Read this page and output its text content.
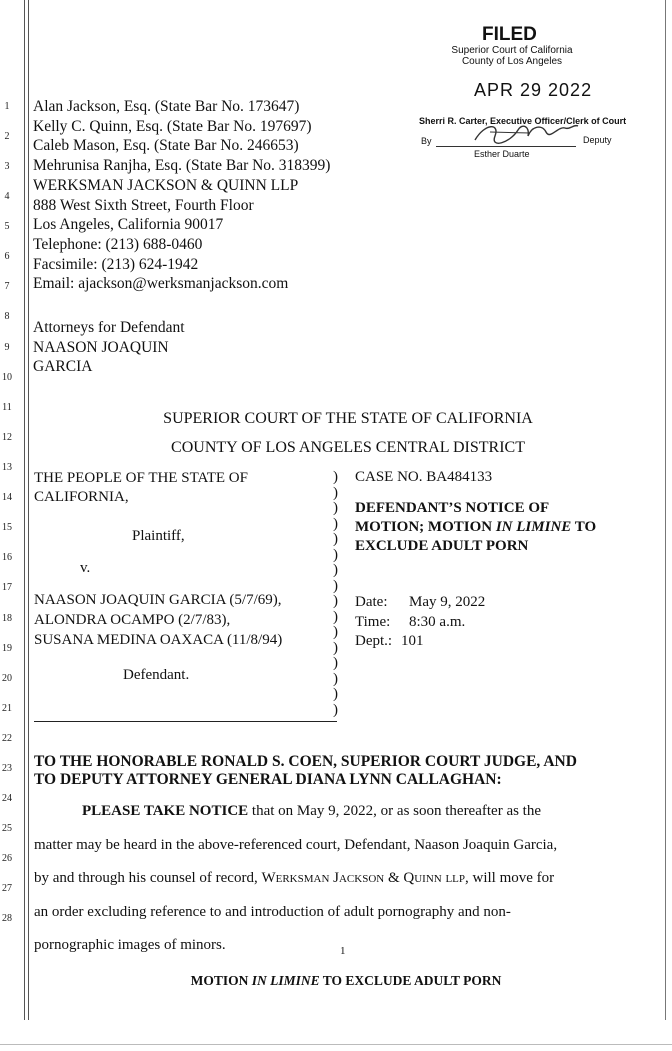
1
2
3
4
5
6
7
8
9
10
11
12
13
14
15
16
17
18
19
20
21
22
23
24
25
26
27
28
FILED
Superior Court of California
County of Los Angeles
APR 29 2022
Sherri R. Carter, Executive Officer/Clerk of Court
By	Deputy
Esther Duarte
Alan Jackson, Esq. (State Bar No. 173647)
Kelly C. Quinn, Esq. (State Bar No. 197697)
Caleb Mason, Esq. (State Bar No. 246653)
Mehrunisa Ranjha, Esq. (State Bar No. 318399)
WERKSMAN JACKSON & QUINN LLP
888 West Sixth Street, Fourth Floor
Los Angeles, California 90017
Telephone: (213) 688-0460
Facsimile: (213) 624-1942
Email: ajackson@werksmanjackson.com
Attorneys for Defendant
NAASON JOAQUIN
GARCIA
SUPERIOR COURT OF THE STATE OF CALIFORNIA
COUNTY OF LOS ANGELES CENTRAL DISTRICT
THE PEOPLE OF THE STATE OF
CALIFORNIA,
Plaintiff,
v.
NAASON JOAQUIN GARCIA (5/7/69),
ALONDRA OCAMPO (2/7/83),
SUSANA MEDINA OAXACA (11/8/94)
Defendant.
)
)
)
)
)
)
)
)
)
)
)
)
)
)
)
)
CASE NO. BA484133
DEFENDANT’S NOTICE OF
MOTION; MOTION IN LIMINE TO
EXCLUDE ADULT PORN
Date: May 9, 2022
Time: 8:30 a.m.
Dept.: 101
TO THE HONORABLE RONALD S. COEN, SUPERIOR COURT JUDGE, AND
TO DEPUTY ATTORNEY GENERAL DIANA LYNN CALLAGHAN:
PLEASE TAKE NOTICE that on May 9, 2022, or as soon thereafter as the
matter may be heard in the above-referenced court, Defendant, Naason Joaquin Garcia,
by and through his counsel of record, Werksman Jackson & Quinn llp, will move for
an order excluding reference to and introduction of adult pornography and non-
pornographic images of minors.	1
MOTION IN LIMINE TO EXCLUDE ADULT PORN
